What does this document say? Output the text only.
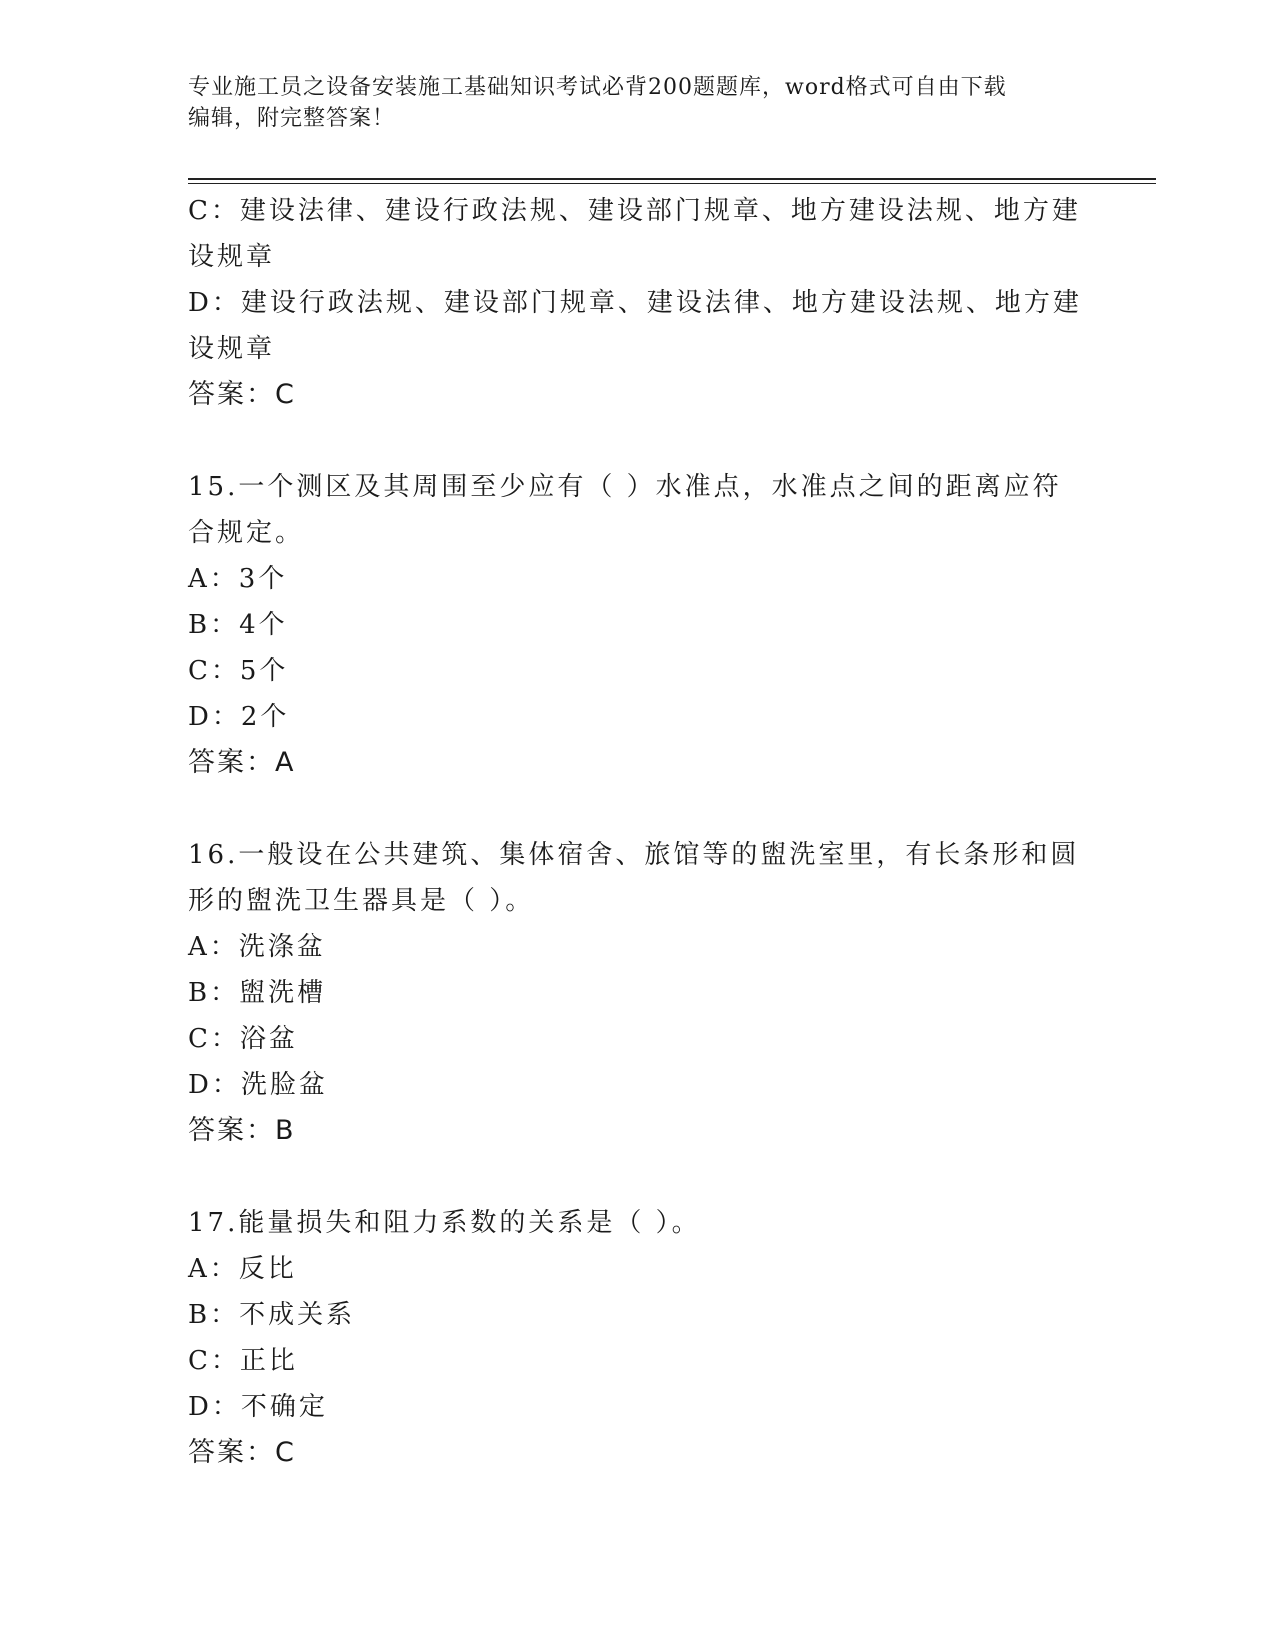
专业施工员之设备安装施工基础知识考试必背200题题库，word格式可自由下载
编辑，附完整答案！
C：建设法律、建设行政法规、建设部门规章、地方建设法规、地方建
设规章
D：建设行政法规、建设部门规章、建设法律、地方建设法规、地方建
设规章
答案：C
15.一个测区及其周围至少应有（ ）水准点，水准点之间的距离应符
合规定。
A：3个
B：4个
C：5个
D：2个
答案：A
16.一般设在公共建筑、集体宿舍、旅馆等的盥洗室里，有长条形和圆
形的盥洗卫生器具是（ ）。
A：洗涤盆
B：盥洗槽
C：浴盆
D：洗脸盆
答案：B
17.能量损失和阻力系数的关系是（ ）。
A：反比
B：不成关系
C：正比
D：不确定
答案：C
